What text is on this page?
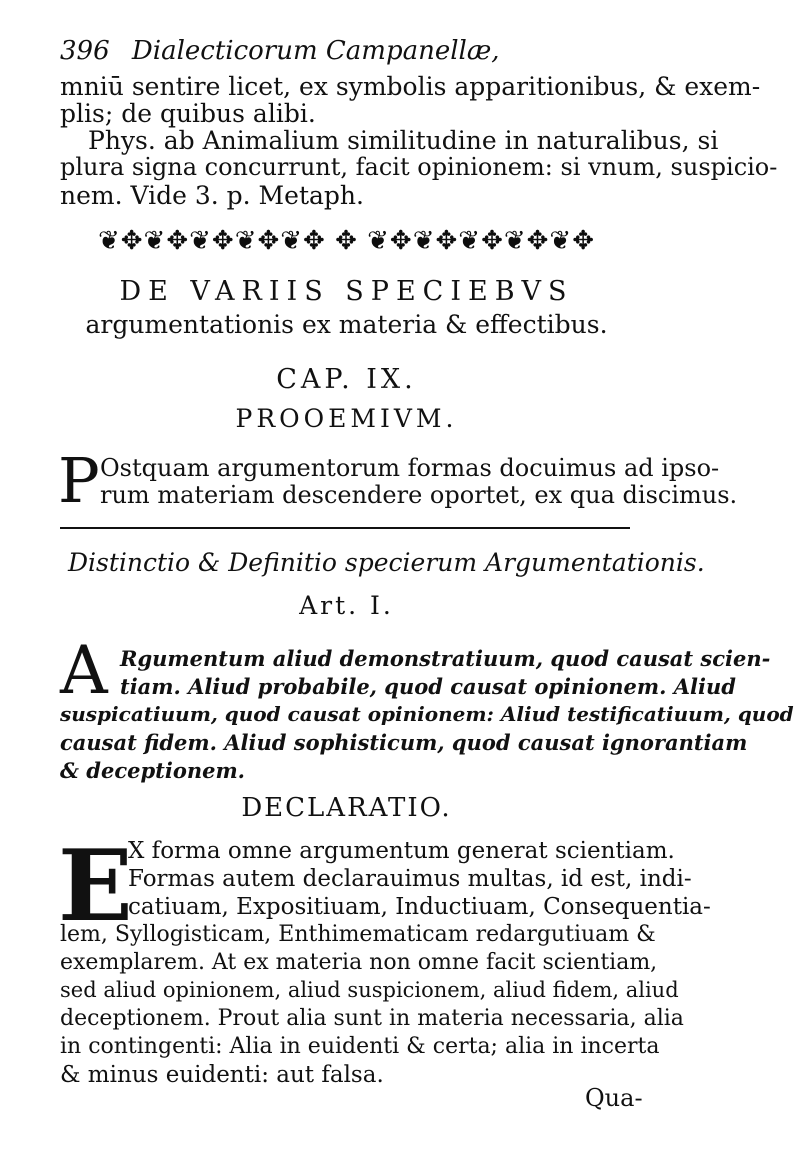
396 Dialecticorum Campanellæ,
mniū sentire licet, ex symbolis apparitionibus, & exem-
plis; de quibus alibi.
Phys. ab Animalium similitudine in naturalibus, si
plura signa concurrunt, facit opinionem: si vnum, suspicio-
nem. Vide 3. p. Metaph.
❦✥❦✥❦✥❦✥❦✥ ✥ ❦✥❦✥❦✥❦✥❦✥
DE VARIIS SPECIEBVS
argumentationis ex materia & effectibus.
CAP. IX.
PROOEMIVM.
P Ostquam argumentorum formas docuimus ad ipso-
rum materiam descendere oportet, ex qua discimus.
Distinctio & Definitio specierum Argumentationis.
Art. I.
A Rgumentum aliud demonstratiuum, quod causat scien-
tiam. Aliud probabile, quod causat opinionem. Aliud
suspicatiuum, quod causat opinionem: Aliud testificatiuum, quod
causat fidem. Aliud sophisticum, quod causat ignorantiam
& deceptionem.
DECLARATIO.
E
X forma omne argumentum generat scientiam.
Formas autem declarauimus multas, id est, indi-
catiuam, Expositiuam, Inductiuam, Consequentia-
lem, Syllogisticam, Enthimematicam redargutiuam &
exemplarem. At ex materia non omne facit scientiam,
sed aliud opinionem, aliud suspicionem, aliud fidem, aliud
deceptionem. Prout alia sunt in materia necessaria, alia
in contingenti: Alia in euidenti & certa; alia in incerta
& minus euidenti: aut falsa.
Qua-
